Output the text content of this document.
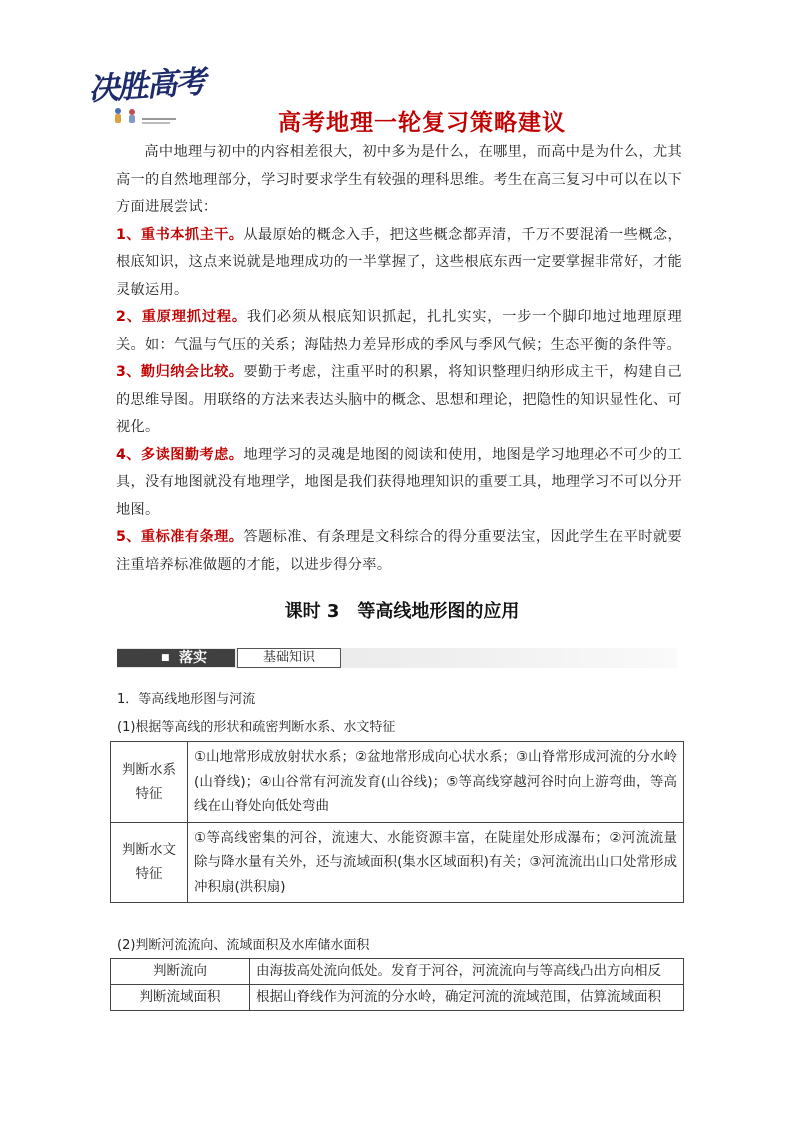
决胜高考
高考地理一轮复习策略建议

高中地理与初中的内容相差很大，初中多为是什么，在哪里，而高中是为什么，尤其高一的自然地理部分，学习时要求学生有较强的理科思维。考生在高三复习中可以在以下方面进展尝试：

1、重书本抓主干。从最原始的概念入手，把这些概念都弄清，千万不要混淆一些概念，根底知识，这点来说就是地理成功的一半掌握了，这些根底东西一定要掌握非常好，才能灵敏运用。

2、重原理抓过程。我们必须从根底知识抓起，扎扎实实，一步一个脚印地过地理原理关。如：气温与气压的关系；海陆热力差异形成的季风与季风气候；生态平衡的条件等。

3、勤归纳会比较。要勤于考虑，注重平时的积累，将知识整理归纳形成主干，构建自己的思维导图。用联络的方法来表达头脑中的概念、思想和理论，把隐性的知识显性化、可视化。

4、多读图勤考虑。地理学习的灵魂是地图的阅读和使用，地图是学习地理必不可少的工具，没有地图就没有地理学，地图是我们获得地理知识的重要工具，地理学习不可以分开地图。

5、重标准有条理。答题标准、有条理是文科综合的得分重要法宝，因此学生在平时就要注重培养标准做题的才能，以进步得分率。

课时 3　等高线地形图的应用
■ 落实	基础知识
1．等高线地形图与河流
(1)根据等高线的形状和疏密判断水系、水文特征
判断水系特征	①山地常形成放射状水系；②盆地常形成向心状水系；③山脊常形成河流的分水岭(山脊线)；④山谷常有河流发育(山谷线)；⑤等高线穿越河谷时向上游弯曲，等高线在山脊处向低处弯曲
判断水文特征	①等高线密集的河谷，流速大、水能资源丰富，在陡崖处形成瀑布；②河流流量除与降水量有关外，还与流域面积(集水区域面积)有关；③河流流出山口处常形成冲积扇(洪积扇)
(2)判断河流流向、流域面积及水库储水面积
判断流向	由海拔高处流向低处。发育于河谷，河流流向与等高线凸出方向相反
判断流域面积	根据山脊线作为河流的分水岭，确定河流的流域范围，估算流域面积
